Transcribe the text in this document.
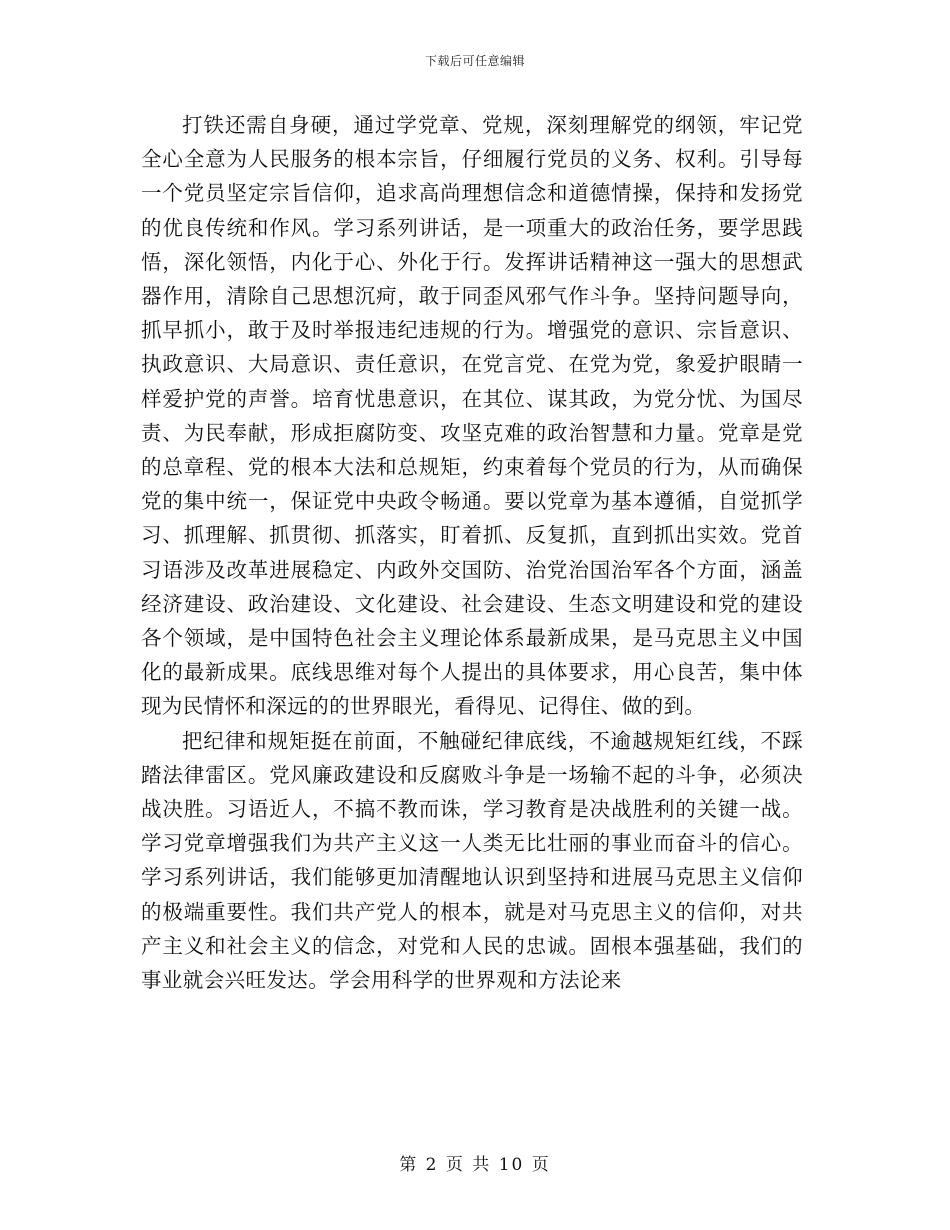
下载后可任意编辑

打铁还需自身硬，通过学党章、党规，深刻理解党的纲领，牢记党全心全意为人民服务的根本宗旨，仔细履行党员的义务、权利。引导每一个党员坚定宗旨信仰，追求高尚理想信念和道德情操，保持和发扬党的优良传统和作风。学习系列讲话，是一项重大的政治任务，要学思践悟，深化领悟，内化于心、外化于行。发挥讲话精神这一强大的思想武器作用，清除自己思想沉疴，敢于同歪风邪气作斗争。坚持问题导向，抓早抓小，敢于及时举报违纪违规的行为。增强党的意识、宗旨意识、执政意识、大局意识、责任意识，在党言党、在党为党，象爱护眼睛一样爱护党的声誉。培育忧患意识，在其位、谋其政，为党分忧、为国尽责、为民奉献，形成拒腐防变、攻坚克难的政治智慧和力量。党章是党的总章程、党的根本大法和总规矩，约束着每个党员的行为，从而确保党的集中统一，保证党中央政令畅通。要以党章为基本遵循，自觉抓学习、抓理解、抓贯彻、抓落实，盯着抓、反复抓，直到抓出实效。党首习语涉及改革进展稳定、内政外交国防、治党治国治军各个方面，涵盖经济建设、政治建设、文化建设、社会建设、生态文明建设和党的建设各个领域，是中国特色社会主义理论体系最新成果，是马克思主义中国化的最新成果。底线思维对每个人提出的具体要求，用心良苦，集中体现为民情怀和深远的的世界眼光，看得见、记得住、做的到。

把纪律和规矩挺在前面，不触碰纪律底线，不逾越规矩红线，不踩踏法律雷区。党风廉政建设和反腐败斗争是一场输不起的斗争，必须决战决胜。习语近人，不搞不教而诛，学习教育是决战胜利的关键一战。学习党章增强我们为共产主义这一人类无比壮丽的事业而奋斗的信心。学习系列讲话，我们能够更加清醒地认识到坚持和进展马克思主义信仰的极端重要性。我们共产党人的根本，就是对马克思主义的信仰，对共产主义和社会主义的信念，对党和人民的忠诚。固根本强基础，我们的事业就会兴旺发达。学会用科学的世界观和方法论来

第 2 页 共 10 页
